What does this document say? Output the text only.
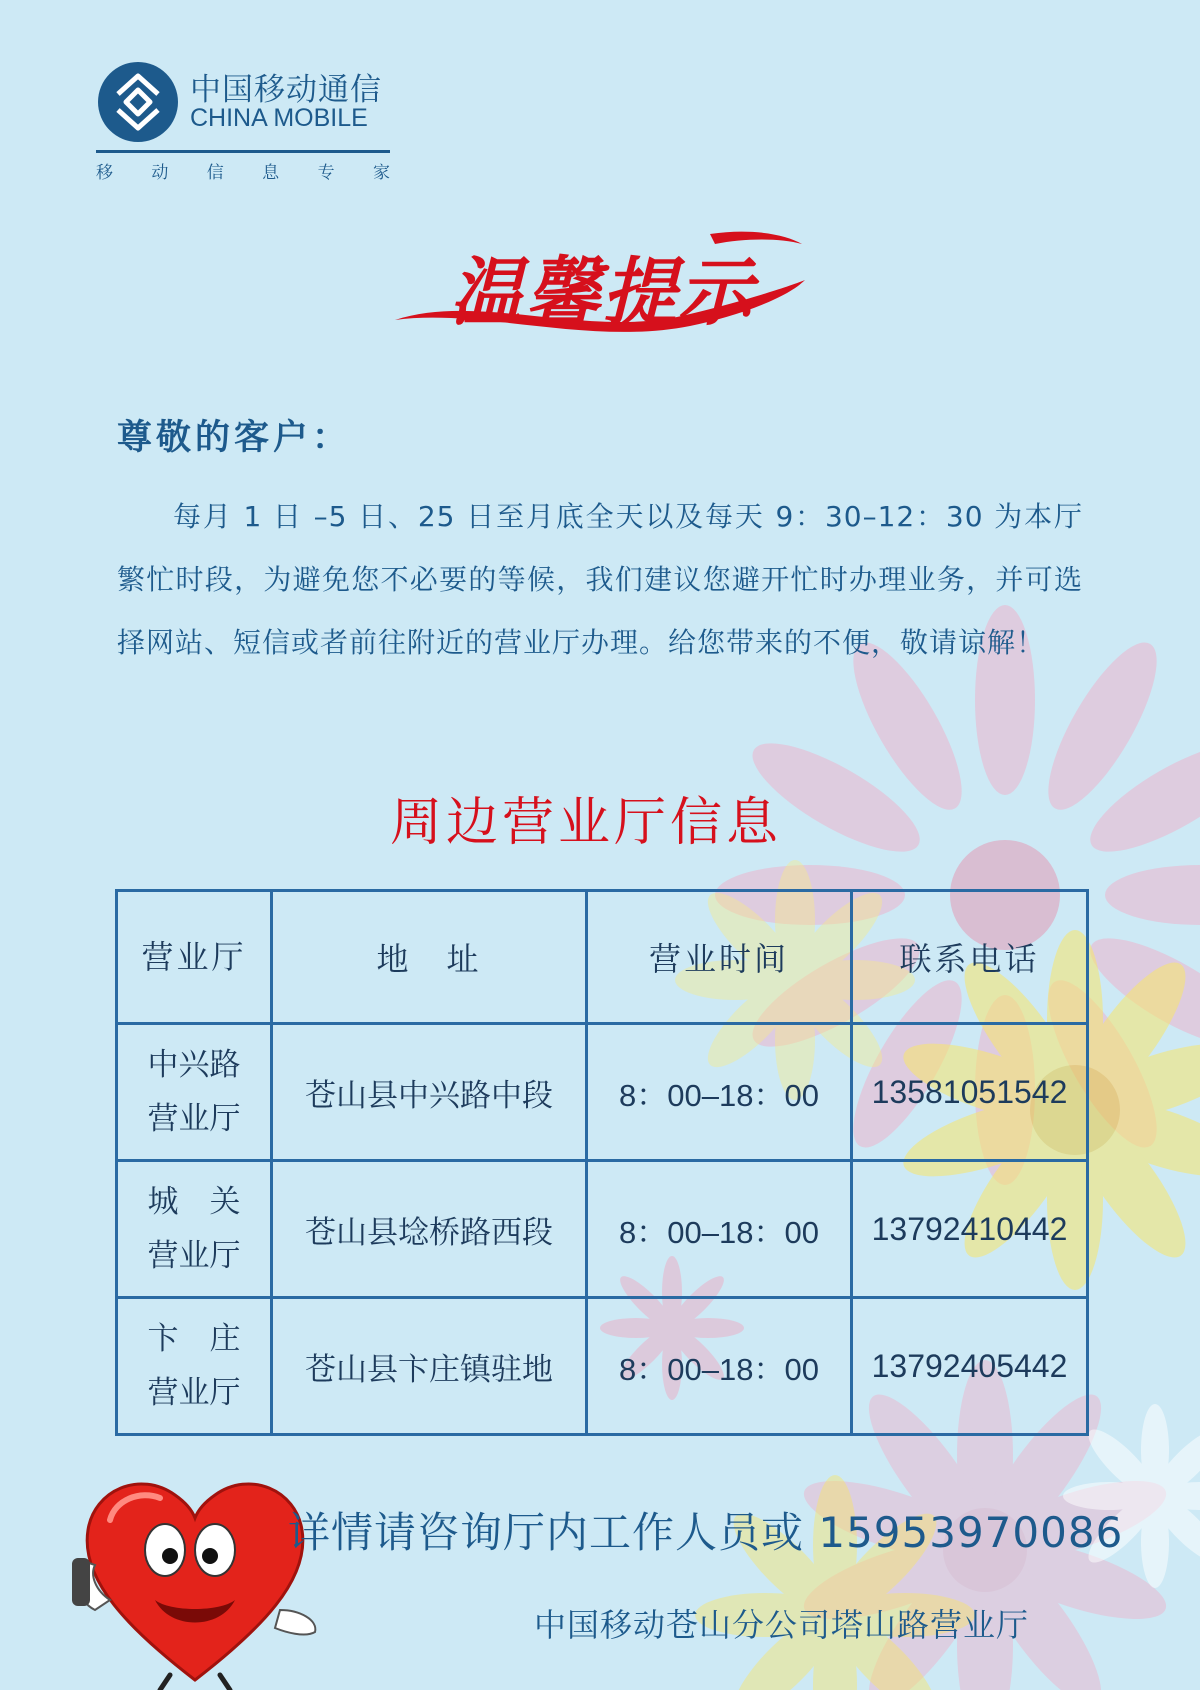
中国移动通信
CHINA MOBILE
移 动 信 息 专 家
温馨提示
尊敬的客户：
每月 1 日 –5 日、25 日至月底全天以及每天 9：30–12：30 为本厅繁忙时段，为避免您不必要的等候，我们建议您避开忙时办理业务，并可选择网站、短信或者前往附近的营业厅办理。给您带来的不便，敬请谅解！
周边营业厅信息
营业厅	地　址	营业时间	联系电话

中兴路
营业厅	苍山县中兴路中段	8：00–18：00	13581051542

城　关
营业厅	苍山县埝桥路西段	8：00–18：00	13792410442

卞　庄
营业厅	苍山县卞庄镇驻地	8：00–18：00	13792405442
详情请咨询厅内工作人员或 15953970086
中国移动苍山分公司塔山路营业厅
